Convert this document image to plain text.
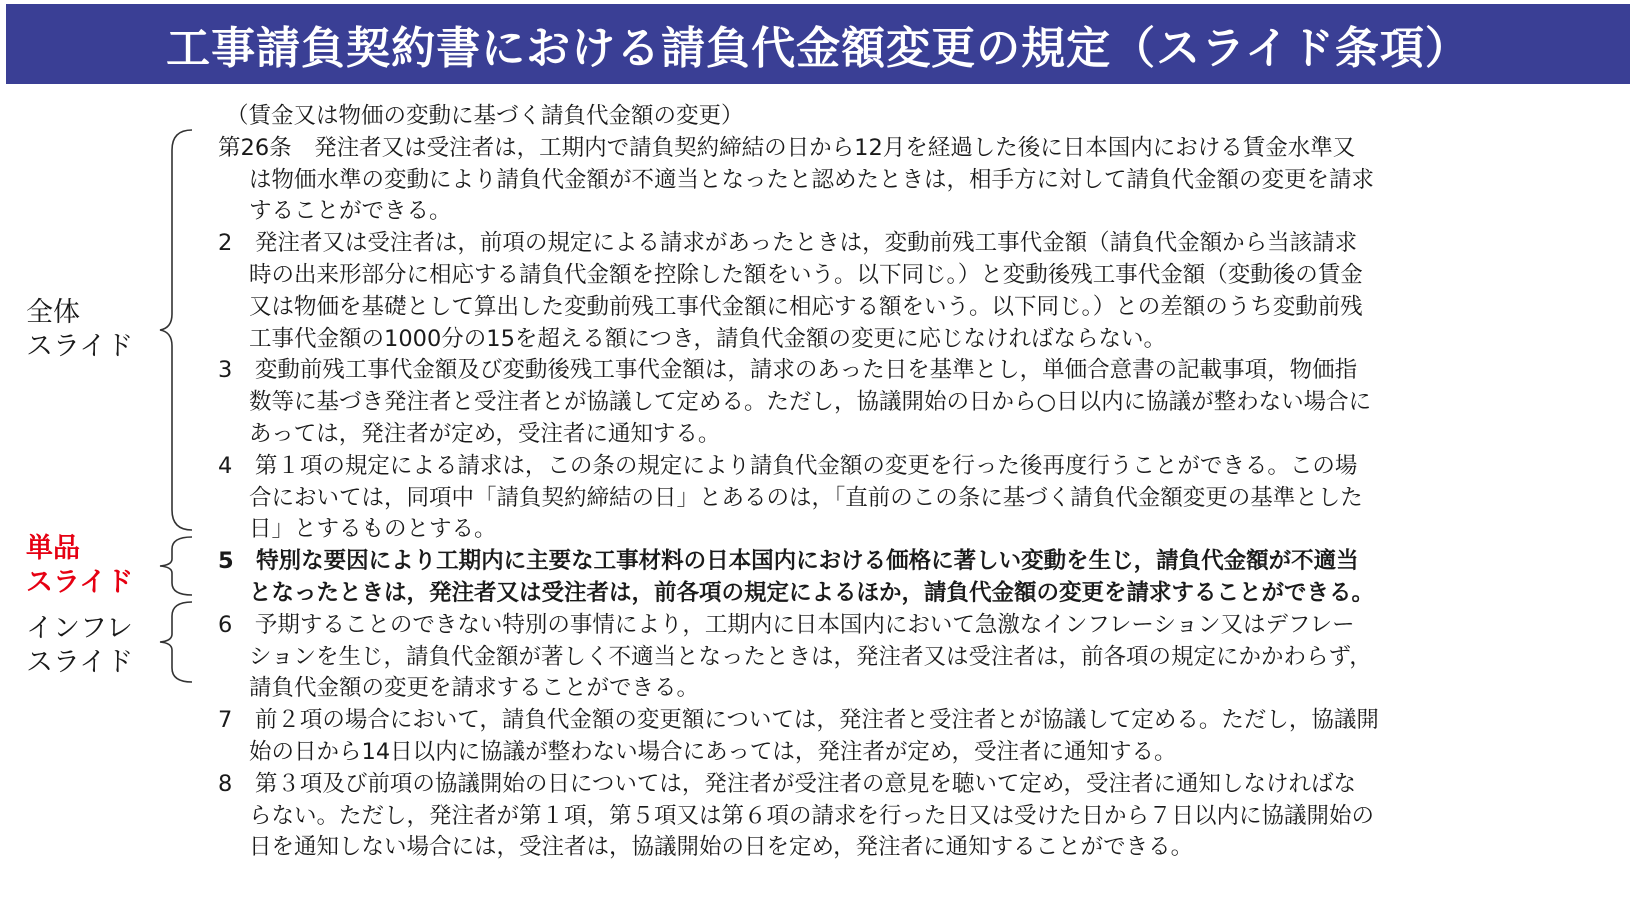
工事請負契約書における請負代金額変更の規定（スライド条項）
全体
スライド
単品
スライド
インフレ
スライド
（賃金又は物価の変動に基づく請負代金額の変更）
第26条　発注者又は受注者は，工期内で請負契約締結の日から12月を経過した後に日本国内における賃金水準又
は物価水準の変動により請負代金額が不適当となったと認めたときは，相手方に対して請負代金額の変更を請求
することができる。
2　発注者又は受注者は，前項の規定による請求があったときは，変動前残工事代金額（請負代金額から当該請求
時の出来形部分に相応する請負代金額を控除した額をいう。以下同じ。）と変動後残工事代金額（変動後の賃金
又は物価を基礎として算出した変動前残工事代金額に相応する額をいう。以下同じ。）との差額のうち変動前残
工事代金額の1000分の15を超える額につき，請負代金額の変更に応じなければならない。
3　変動前残工事代金額及び変動後残工事代金額は，請求のあった日を基準とし，単価合意書の記載事項，物価指
数等に基づき発注者と受注者とが協議して定める。ただし，協議開始の日から○日以内に協議が整わない場合に
あっては，発注者が定め，受注者に通知する。
4　第１項の規定による請求は，この条の規定により請負代金額の変更を行った後再度行うことができる。この場
合においては，同項中「請負契約締結の日」とあるのは，「直前のこの条に基づく請負代金額変更の基準とした
日」とするものとする。
5　特別な要因により工期内に主要な工事材料の日本国内における価格に著しい変動を生じ，請負代金額が不適当
となったときは，発注者又は受注者は，前各項の規定によるほか，請負代金額の変更を請求することができる。
6　予期することのできない特別の事情により，工期内に日本国内において急激なインフレーション又はデフレー
ションを生じ，請負代金額が著しく不適当となったときは，発注者又は受注者は，前各項の規定にかかわらず，
請負代金額の変更を請求することができる。
7　前２項の場合において，請負代金額の変更額については，発注者と受注者とが協議して定める。ただし，協議開
始の日から14日以内に協議が整わない場合にあっては，発注者が定め，受注者に通知する。
8　第３項及び前項の協議開始の日については，発注者が受注者の意見を聴いて定め，受注者に通知しなければな
らない。ただし，発注者が第１項，第５項又は第６項の請求を行った日又は受けた日から７日以内に協議開始の
日を通知しない場合には，受注者は，協議開始の日を定め，発注者に通知することができる。
